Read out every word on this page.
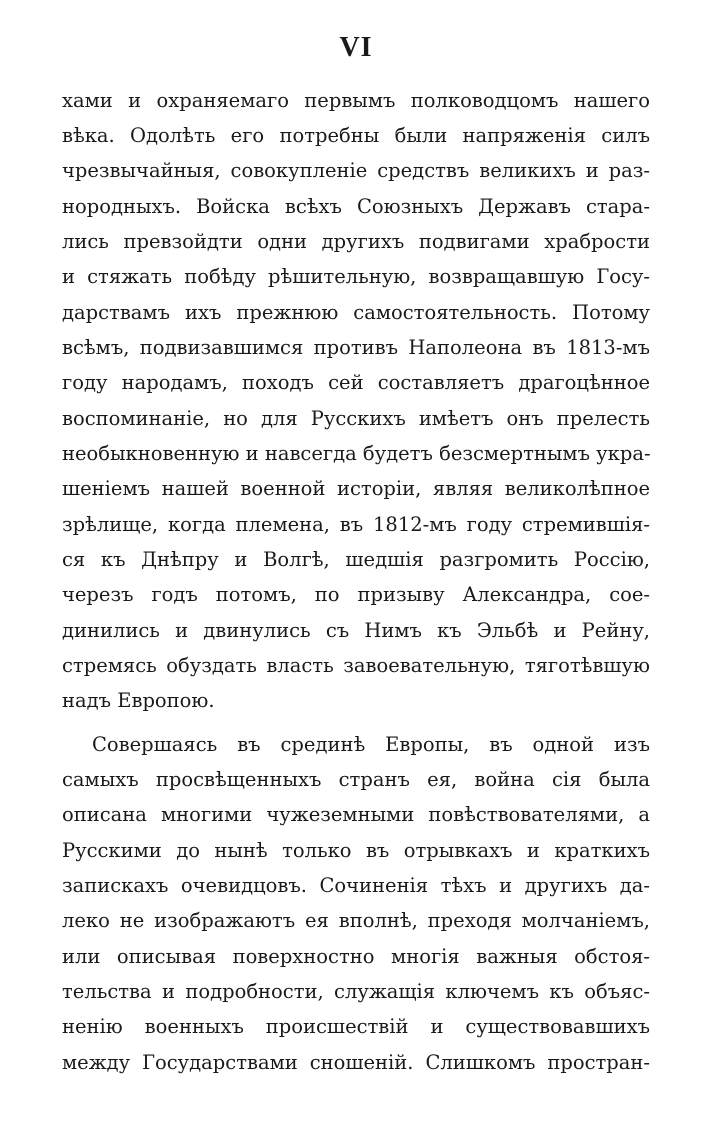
VI
хами и охраняемаго первымъ полководцомъ нашего
вѣка. Одолѣть его потребны были напряженія силъ
чрезвычайныя, совокупленіе средствъ великихъ и раз-
нородныхъ. Войска всѣхъ Союзныхъ Державъ стара-
лись превзойдти одни другихъ подвигами храбрости
и стяжать побѣду рѣшительную, возвращавшую Госу-
дарствамъ ихъ прежнюю самостоятельность. Потому
всѣмъ, подвизавшимся противъ Наполеона въ 1813-мъ
году народамъ, походъ сей составляетъ драгоцѣнное
воспоминаніе, но для Русскихъ имѣетъ онъ прелесть
необыкновенную и навсегда будетъ безсмертнымъ укра-
шеніемъ нашей военной исторіи, являя великолѣпное
зрѣлище, когда племена, въ 1812-мъ году стремившія-
ся къ Днѣпру и Волгѣ, шедшія разгромить Россію,
черезъ годъ потомъ, по призыву Александра, сое-
динились и двинулись съ Нимъ къ Эльбѣ и Рейну,
стремясь обуздать власть завоевательную, тяготѣвшую
надъ Европою.
Совершаясь въ срединѣ Европы, въ одной изъ
самыхъ просвѣщенныхъ странъ ея, война сія была
описана многими чужеземными повѣствователями, а
Русскими до нынѣ только въ отрывкахъ и краткихъ
запискахъ очевидцовъ. Сочиненія тѣхъ и другихъ да-
леко не изображаютъ ея вполнѣ, преходя молчаніемъ,
или описывая поверхностно многія важныя обстоя-
тельства и подробности, служащія ключемъ къ объяс-
ненію военныхъ происшествій и существовавшихъ
между Государствами сношеній. Слишкомъ простран-
